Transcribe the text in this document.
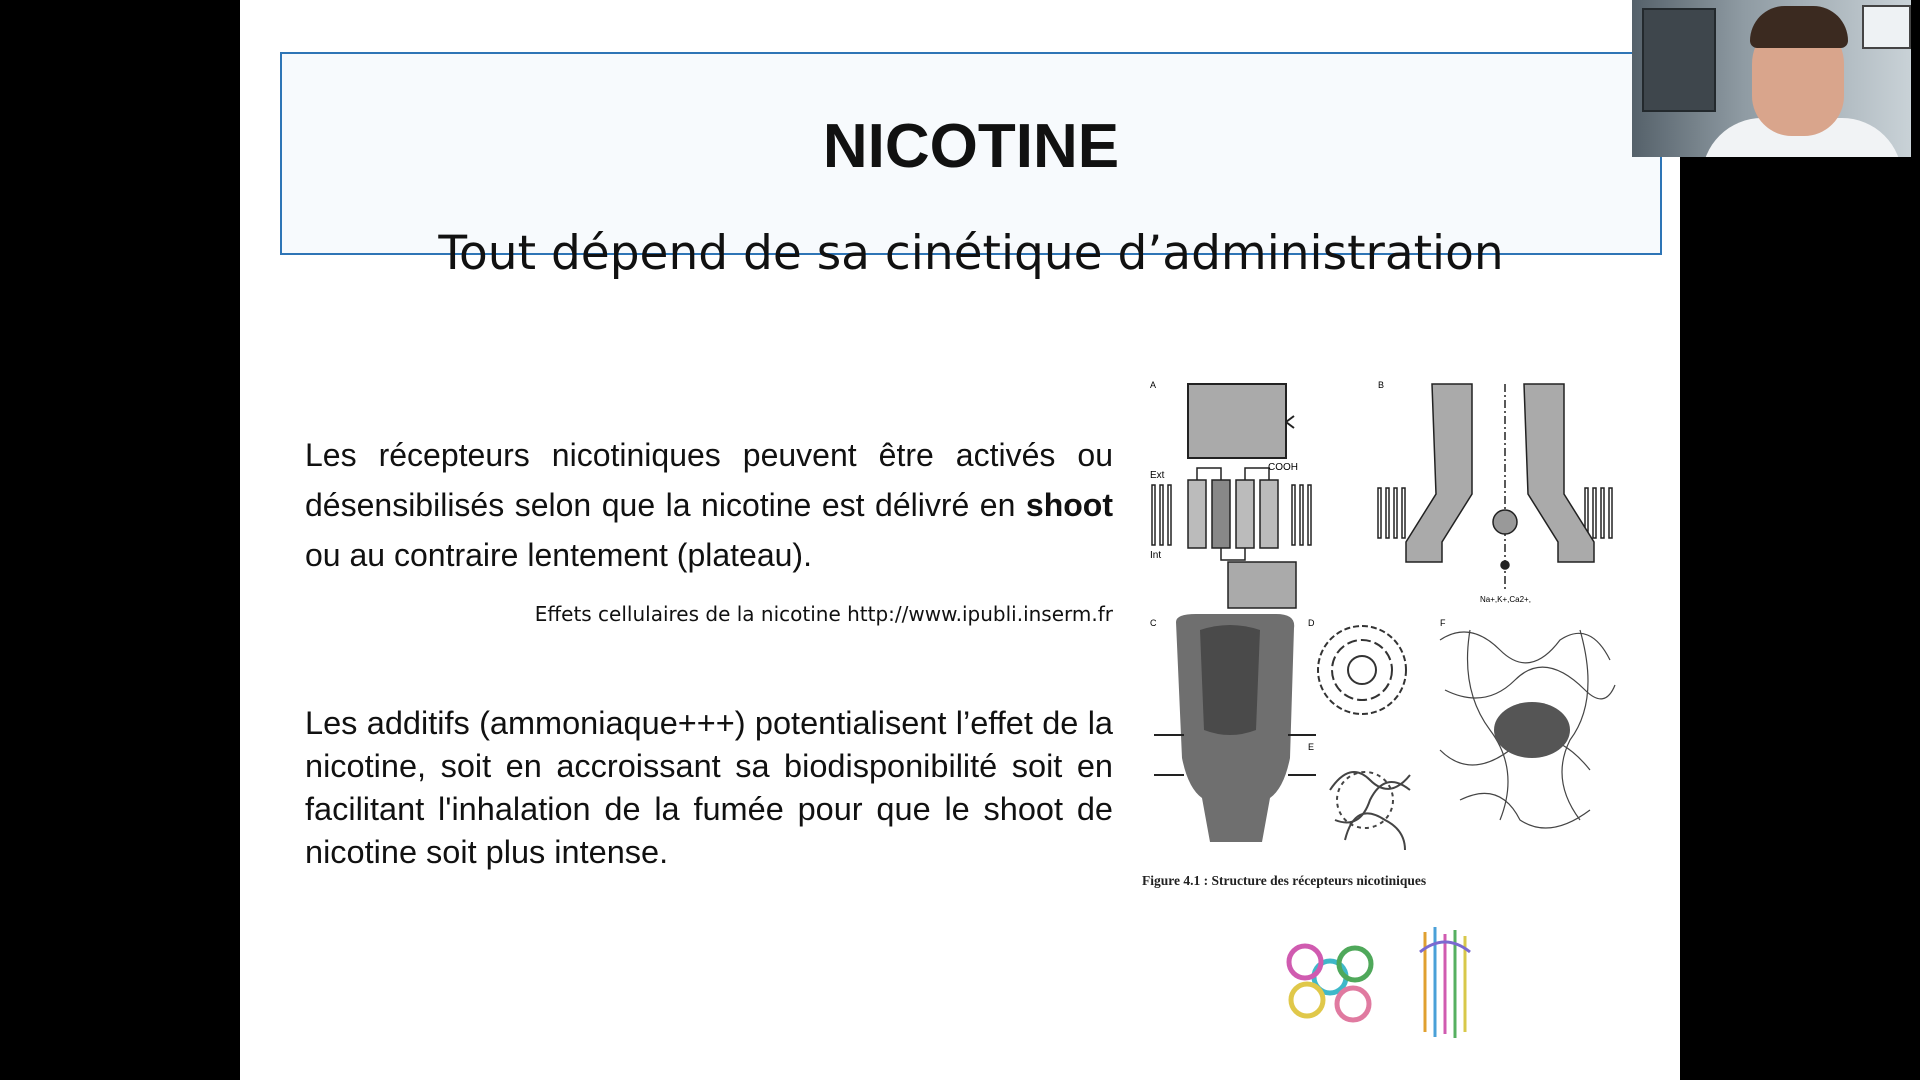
NICOTINE
Tout dépend de sa cinétique d’administration
Les récepteurs nicotiniques peuvent être activés ou désensibilisés selon que la nicotine est délivré en shoot ou au contraire lentement (plateau).
Effets cellulaires de la nicotine http://www.ipubli.inserm.fr
Les additifs (ammoniaque+++) potentialisent l’effet de la nicotine, soit en accroissant sa biodisponibilité soit en facilitant l'inhalation de la fumée pour que le shoot de nicotine soit plus intense.
A
COOH
Ext
Int
B
Na+,K+,Ca2+,
C	D
E
F
Figure 4.1 : Structure des récepteurs nicotiniques
